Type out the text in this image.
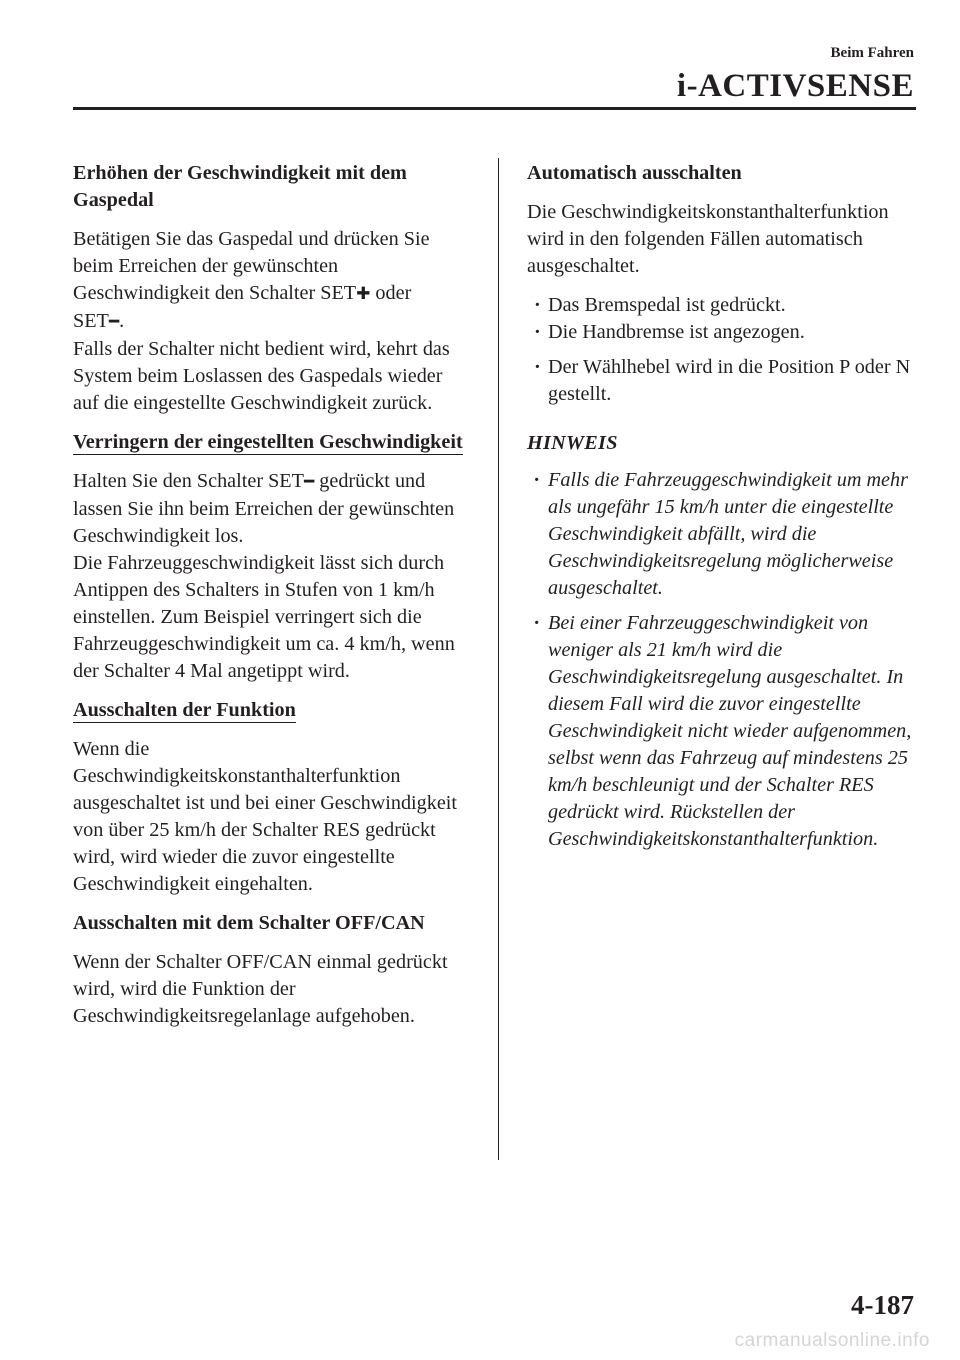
Beim Fahren
i-ACTIVSENSE
Erhöhen der Geschwindigkeit mit dem Gaspedal

Betätigen Sie das Gaspedal und drücken Sie beim Erreichen der gewünschten Geschwindigkeit den Schalter SET✚ oder SET━.
Falls der Schalter nicht bedient wird, kehrt das System beim Loslassen des Gaspedals wieder auf die eingestellte Geschwindigkeit zurück.

Verringern der eingestellten Geschwindigkeit

Halten Sie den Schalter SET━ gedrückt und lassen Sie ihn beim Erreichen der gewünschten Geschwindigkeit los.
Die Fahrzeuggeschwindigkeit lässt sich durch Antippen des Schalters in Stufen von 1 km/h einstellen. Zum Beispiel verringert sich die Fahrzeuggeschwindigkeit um ca. 4 km/h, wenn der Schalter 4 Mal angetippt wird.

Ausschalten der Funktion

Wenn die Geschwindigkeitskonstanthalterfunktion ausgeschaltet ist und bei einer Geschwindigkeit von über 25 km/h der Schalter RES gedrückt wird, wird wieder die zuvor eingestellte Geschwindigkeit eingehalten.

Ausschalten mit dem Schalter OFF/CAN

Wenn der Schalter OFF/CAN einmal gedrückt wird, wird die Funktion der Geschwindigkeitsregelanlage aufgehoben.

Automatisch ausschalten

Die Geschwindigkeitskonstanthalterfunktion wird in den folgenden Fällen automatisch ausgeschaltet.

· Das Bremspedal ist gedrückt.
· Die Handbremse ist angezogen.
· Der Wählhebel wird in die Position P oder N gestellt.
HINWEIS
· Falls die Fahrzeuggeschwindigkeit um mehr als ungefähr 15 km/h unter die eingestellte Geschwindigkeit abfällt, wird die Geschwindigkeitsregelung möglicherweise ausgeschaltet.
· Bei einer Fahrzeuggeschwindigkeit von weniger als 21 km/h wird die Geschwindigkeitsregelung ausgeschaltet. In diesem Fall wird die zuvor eingestellte Geschwindigkeit nicht wieder aufgenommen, selbst wenn das Fahrzeug auf mindestens 25 km/h beschleunigt und der Schalter RES gedrückt wird. Rückstellen der Geschwindigkeitskonstanthalterfunktion.
4-187
carmanualsonline.info
